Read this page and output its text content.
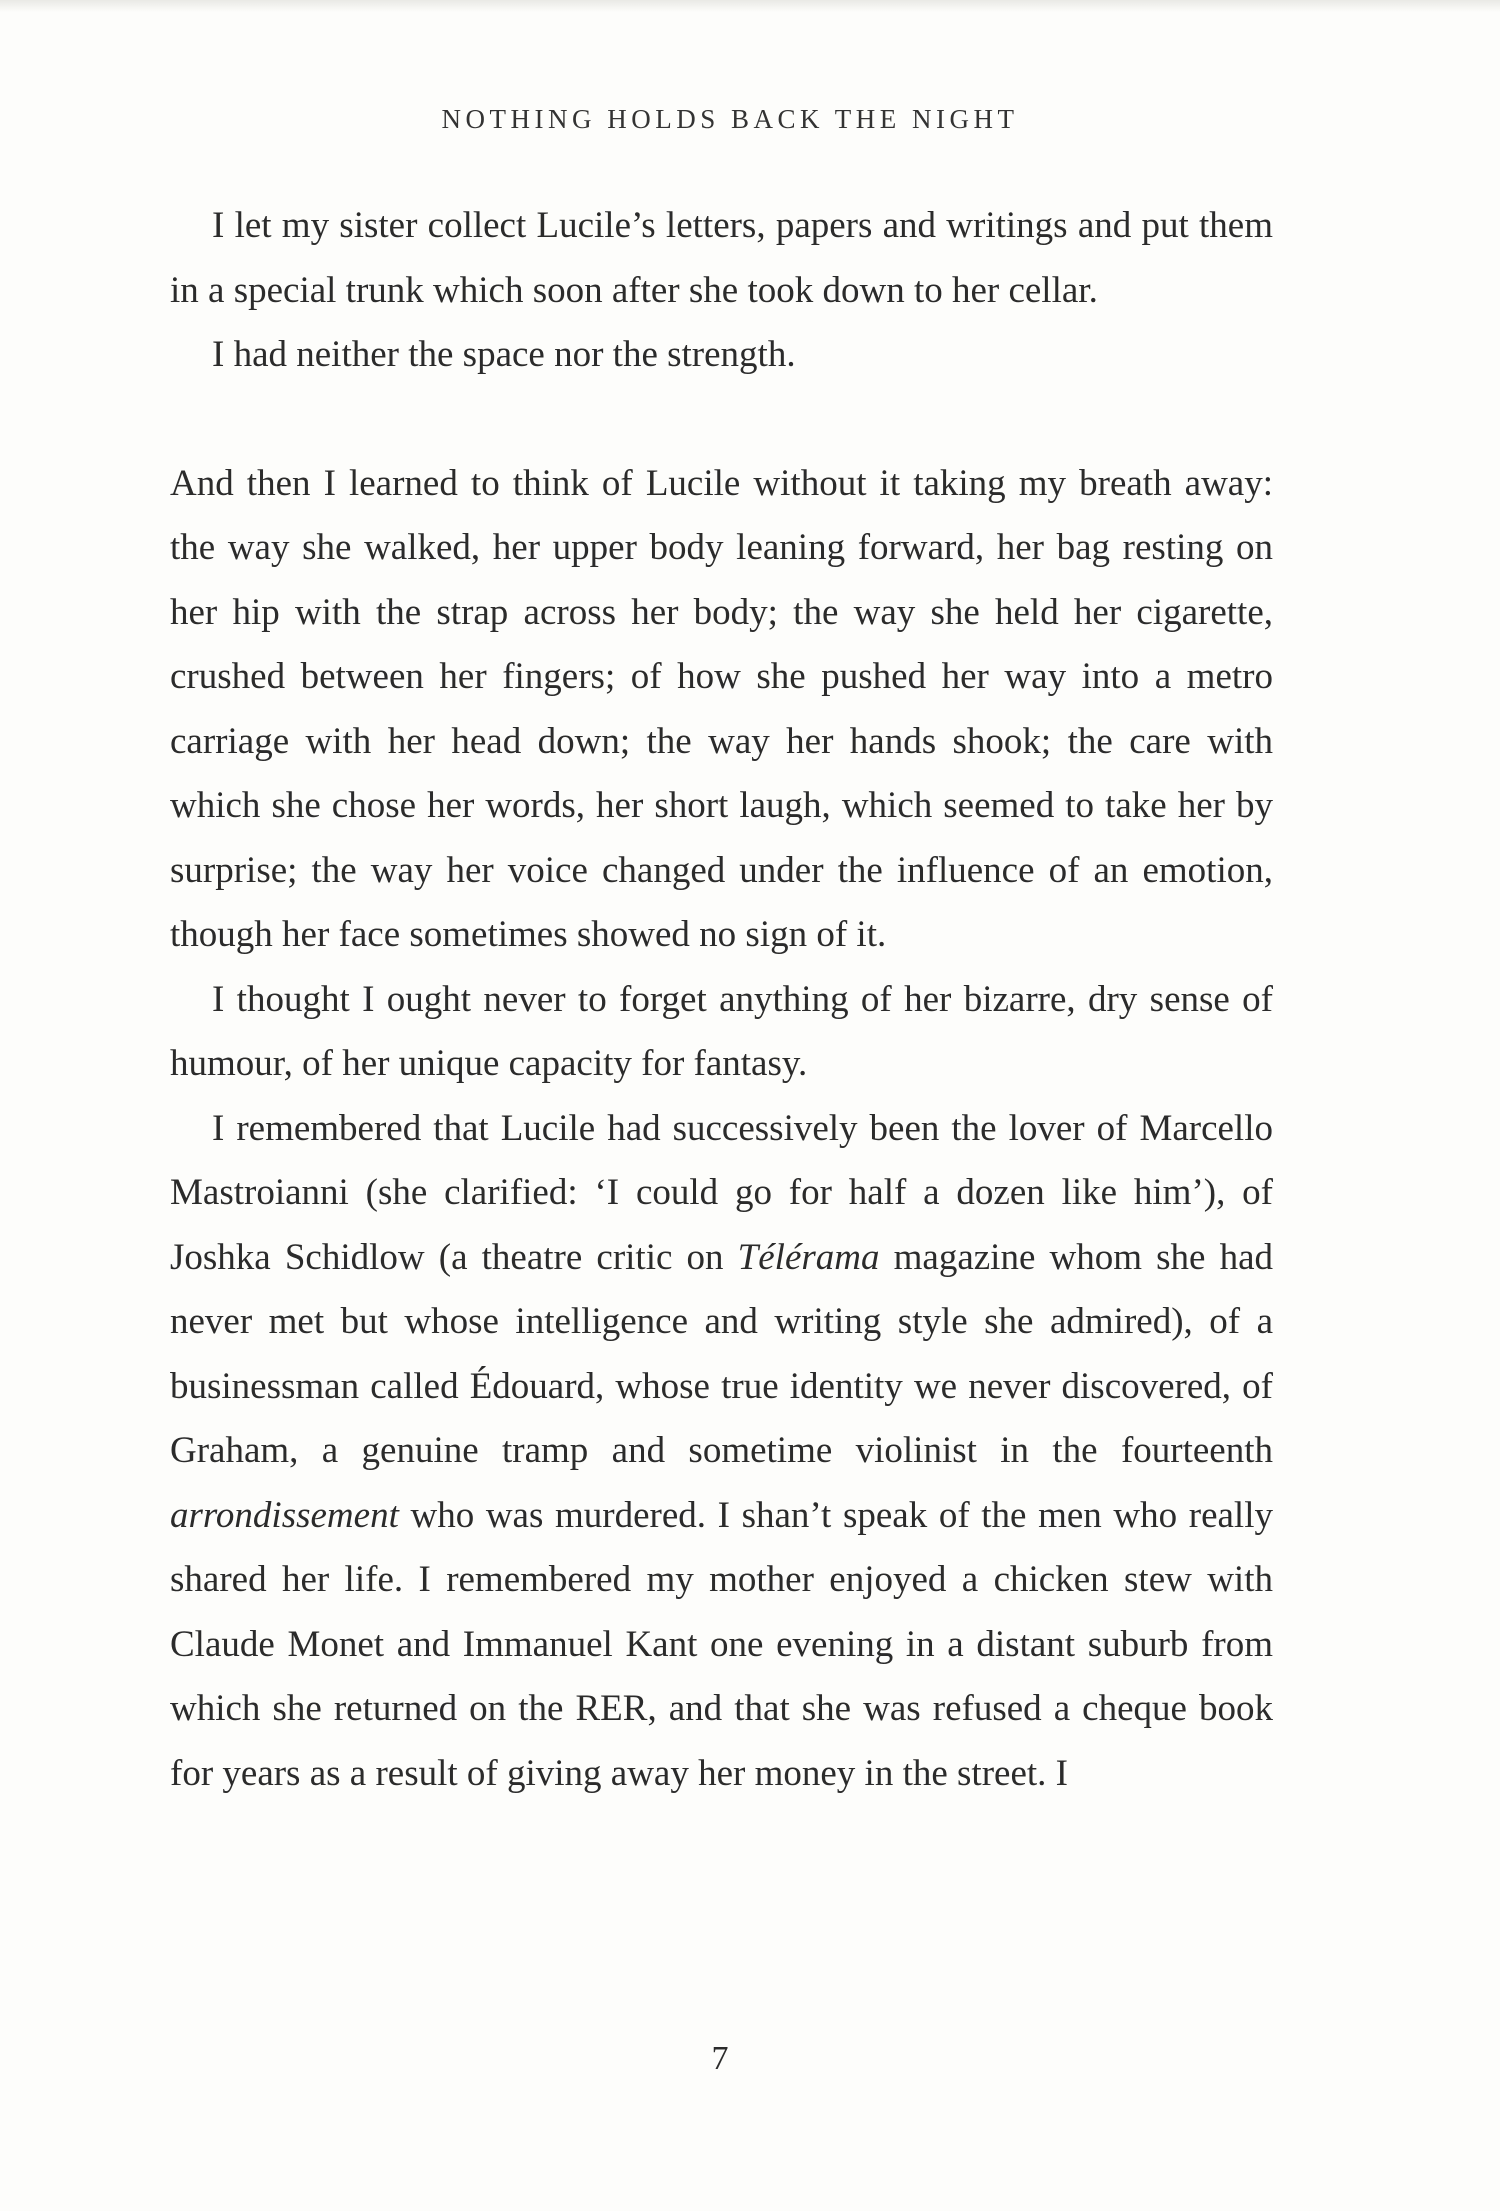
NOTHING HOLDS BACK THE NIGHT

I let my sister collect Lucile’s letters, papers and writings and put them in a special trunk which soon after she took down to her cellar.

I had neither the space nor the strength.

And then I learned to think of Lucile without it taking my breath away: the way she walked, her upper body leaning forward, her bag resting on her hip with the strap across her body; the way she held her cigarette, crushed between her fingers; of how she pushed her way into a metro carriage with her head down; the way her hands shook; the care with which she chose her words, her short laugh, which seemed to take her by surprise; the way her voice changed under the influence of an emotion, though her face sometimes showed no sign of it.

I thought I ought never to forget anything of her bizarre, dry sense of humour, of her unique capacity for fantasy.

I remembered that Lucile had successively been the lover of Marcello Mastroianni (she clarified: ‘I could go for half a dozen like him’), of Joshka Schidlow (a theatre critic on Télérama magazine whom she had never met but whose intelligence and writing style she admired), of a businessman called Édouard, whose true identity we never discovered, of Graham, a genuine tramp and sometime violinist in the fourteenth arrondissement who was murdered. I shan’t speak of the men who really shared her life. I remembered my mother enjoyed a chicken stew with Claude Monet and Immanuel Kant one evening in a distant suburb from which she returned on the RER, and that she was refused a cheque book for years as a result of giving away her money in the street. I

7
